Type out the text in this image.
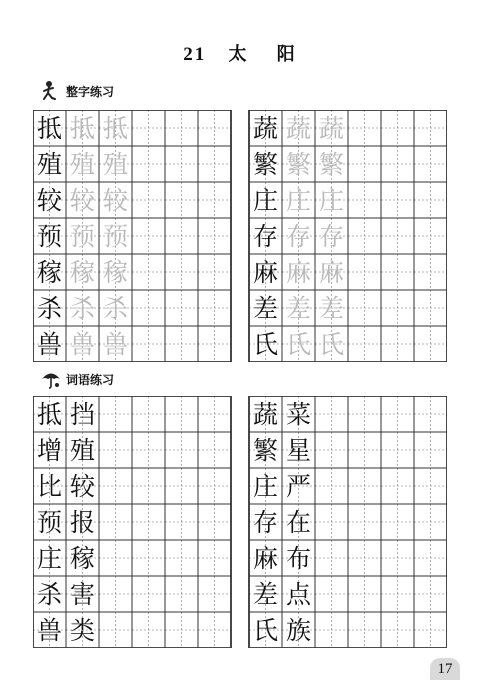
21 太 阳
整字练习
抵 抵 抵
殖 殖 殖
较 较 较
预 预 预
稼 稼 稼
杀 杀 杀
兽 兽 兽
蔬 蔬 蔬
繁 繁 繁
庄 庄 庄
存 存 存
麻 麻 麻
差 差 差
氏 氏 氏
词语练习
抵 挡
增 殖
比 较
预 报
庄 稼
杀 害
兽 类
蔬 菜
繁 星
庄 严
存 在
麻 布
差 点
氏 族
17
